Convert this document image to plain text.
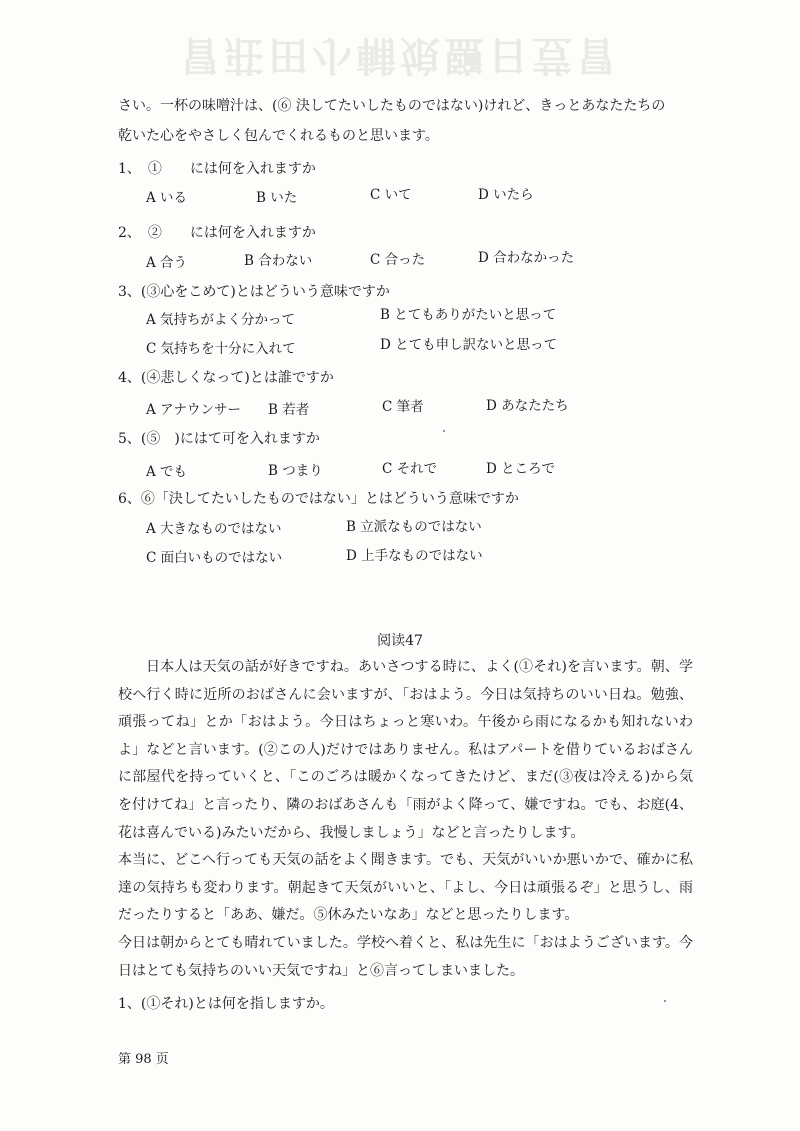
冒莊田小輔娘鹽日荳冒
さい。一杯の味噌汁は、(⑥ 決してたいしたものではない)けれど、きっとあなたたちの
乾いた心をやさしく包んでくれるものと思います。
1、　①　　には何を入れますか
A いる	B いた	C いて	D いたら
2、　②　　には何を入れますか
A 合う	B 合わない	C 合った	D 合わなかった
3、(③心をこめて)とはどういう意味ですか
A 気持ちがよく分かって	B とてもありがたいと思って
C 気持ちを十分に入れて	D とても申し訳ないと思って
4、(④悲しくなって)とは誰ですか
A アナウンサー B 若者	C 筆者	D あなたたち
5、(⑤　)にはて可を入れますか
A でも	B つまり	C それで	D ところで
6、⑥「決してたいしたものではない」とはどういう意味ですか
A 大きなものではない	B 立派なものではない
C 面白いものではない	D 上手なものではない
阅读47

日本人は天気の話が好きですね。あいさつする時に、よく(①それ)を言います。朝、学校へ行く時に近所のおばさんに会いますが、「おはよう。今日は気持ちのいい日ね。勉強、頑張ってね」とか「おはよう。今日はちょっと寒いわ。午後から雨になるかも知れないわよ」などと言います。(②この人)だけではありません。私はアパートを借りているおばさんに部屋代を持っていくと、「このごろは暖かくなってきたけど、まだ(③夜は冷える)から気を付けてね」と言ったり、隣のおばあさんも「雨がよく降って、嫌ですね。でも、お庭(4、花は喜んでいる)みたいだから、我慢しましょう」などと言ったりします。

本当に、どこへ行っても天気の話をよく聞きます。でも、天気がいいか悪いかで、確かに私達の気持ちも変わります。朝起きて天気がいいと、「よし、今日は頑張るぞ」と思うし、雨だったりすると「ああ、嫌だ。⑤休みたいなあ」などと思ったりします。

今日は朝からとても晴れていました。学校へ着くと、私は先生に「おはようございます。今日はとても気持ちのいい天気ですね」と⑥言ってしまいました。

1、(①それ)とは何を指しますか。
第 98 页
